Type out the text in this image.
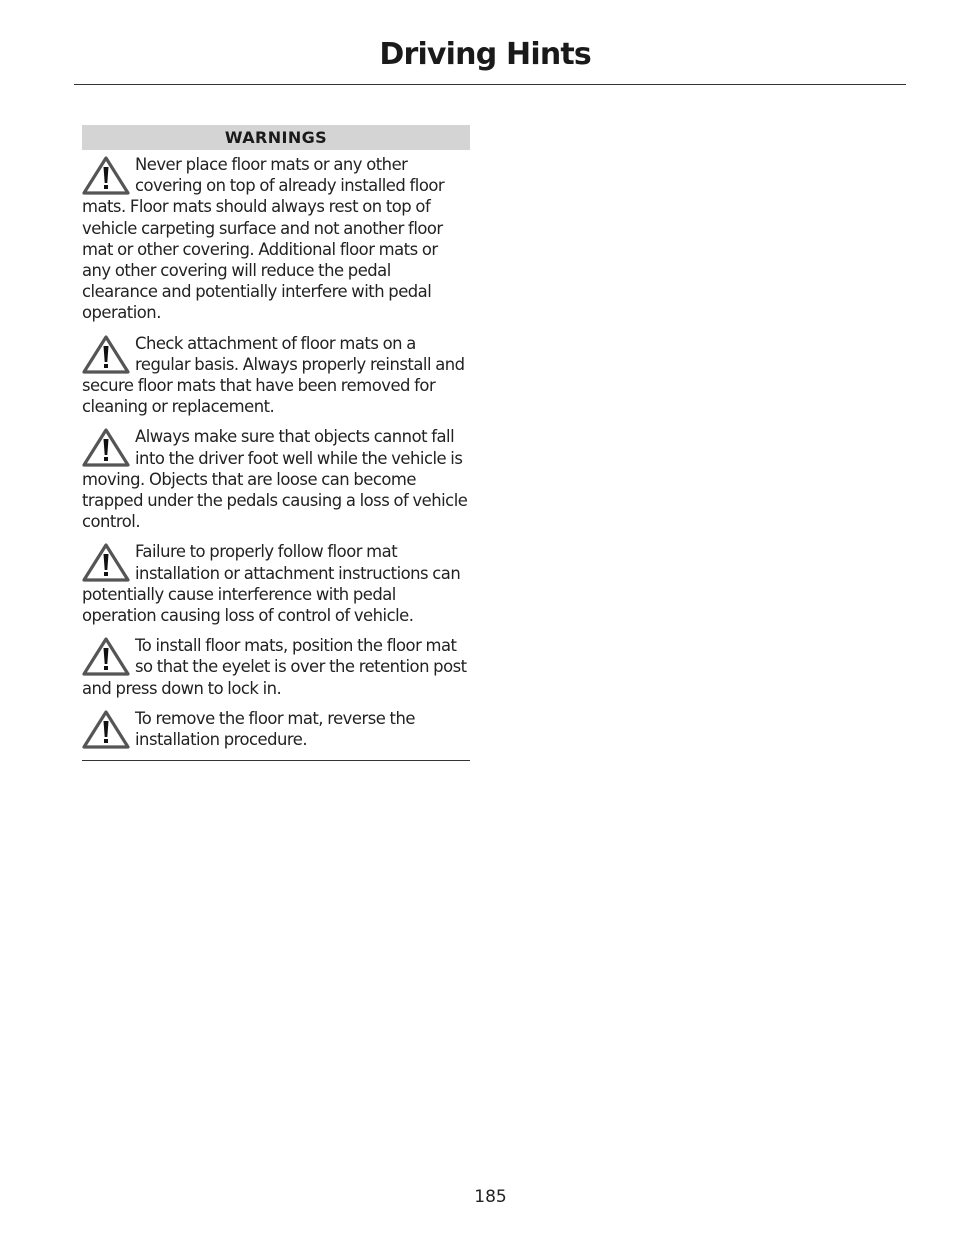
Driving Hints
WARNINGS
Never place floor mats or any other covering on top of already installed floor mats. Floor mats should always rest on top of vehicle carpeting surface and not another floor mat or other covering. Additional floor mats or any other covering will reduce the pedal clearance and potentially interfere with pedal operation.
Check attachment of floor mats on a regular basis. Always properly reinstall and secure floor mats that have been removed for cleaning or replacement.
Always make sure that objects cannot fall into the driver foot well while the vehicle is moving. Objects that are loose can become trapped under the pedals causing a loss of vehicle control.
Failure to properly follow floor mat installation or attachment instructions can potentially cause interference with pedal operation causing loss of control of vehicle.
To install floor mats, position the floor mat so that the eyelet is over the retention post and press down to lock in.
To remove the floor mat, reverse the installation procedure.
185
